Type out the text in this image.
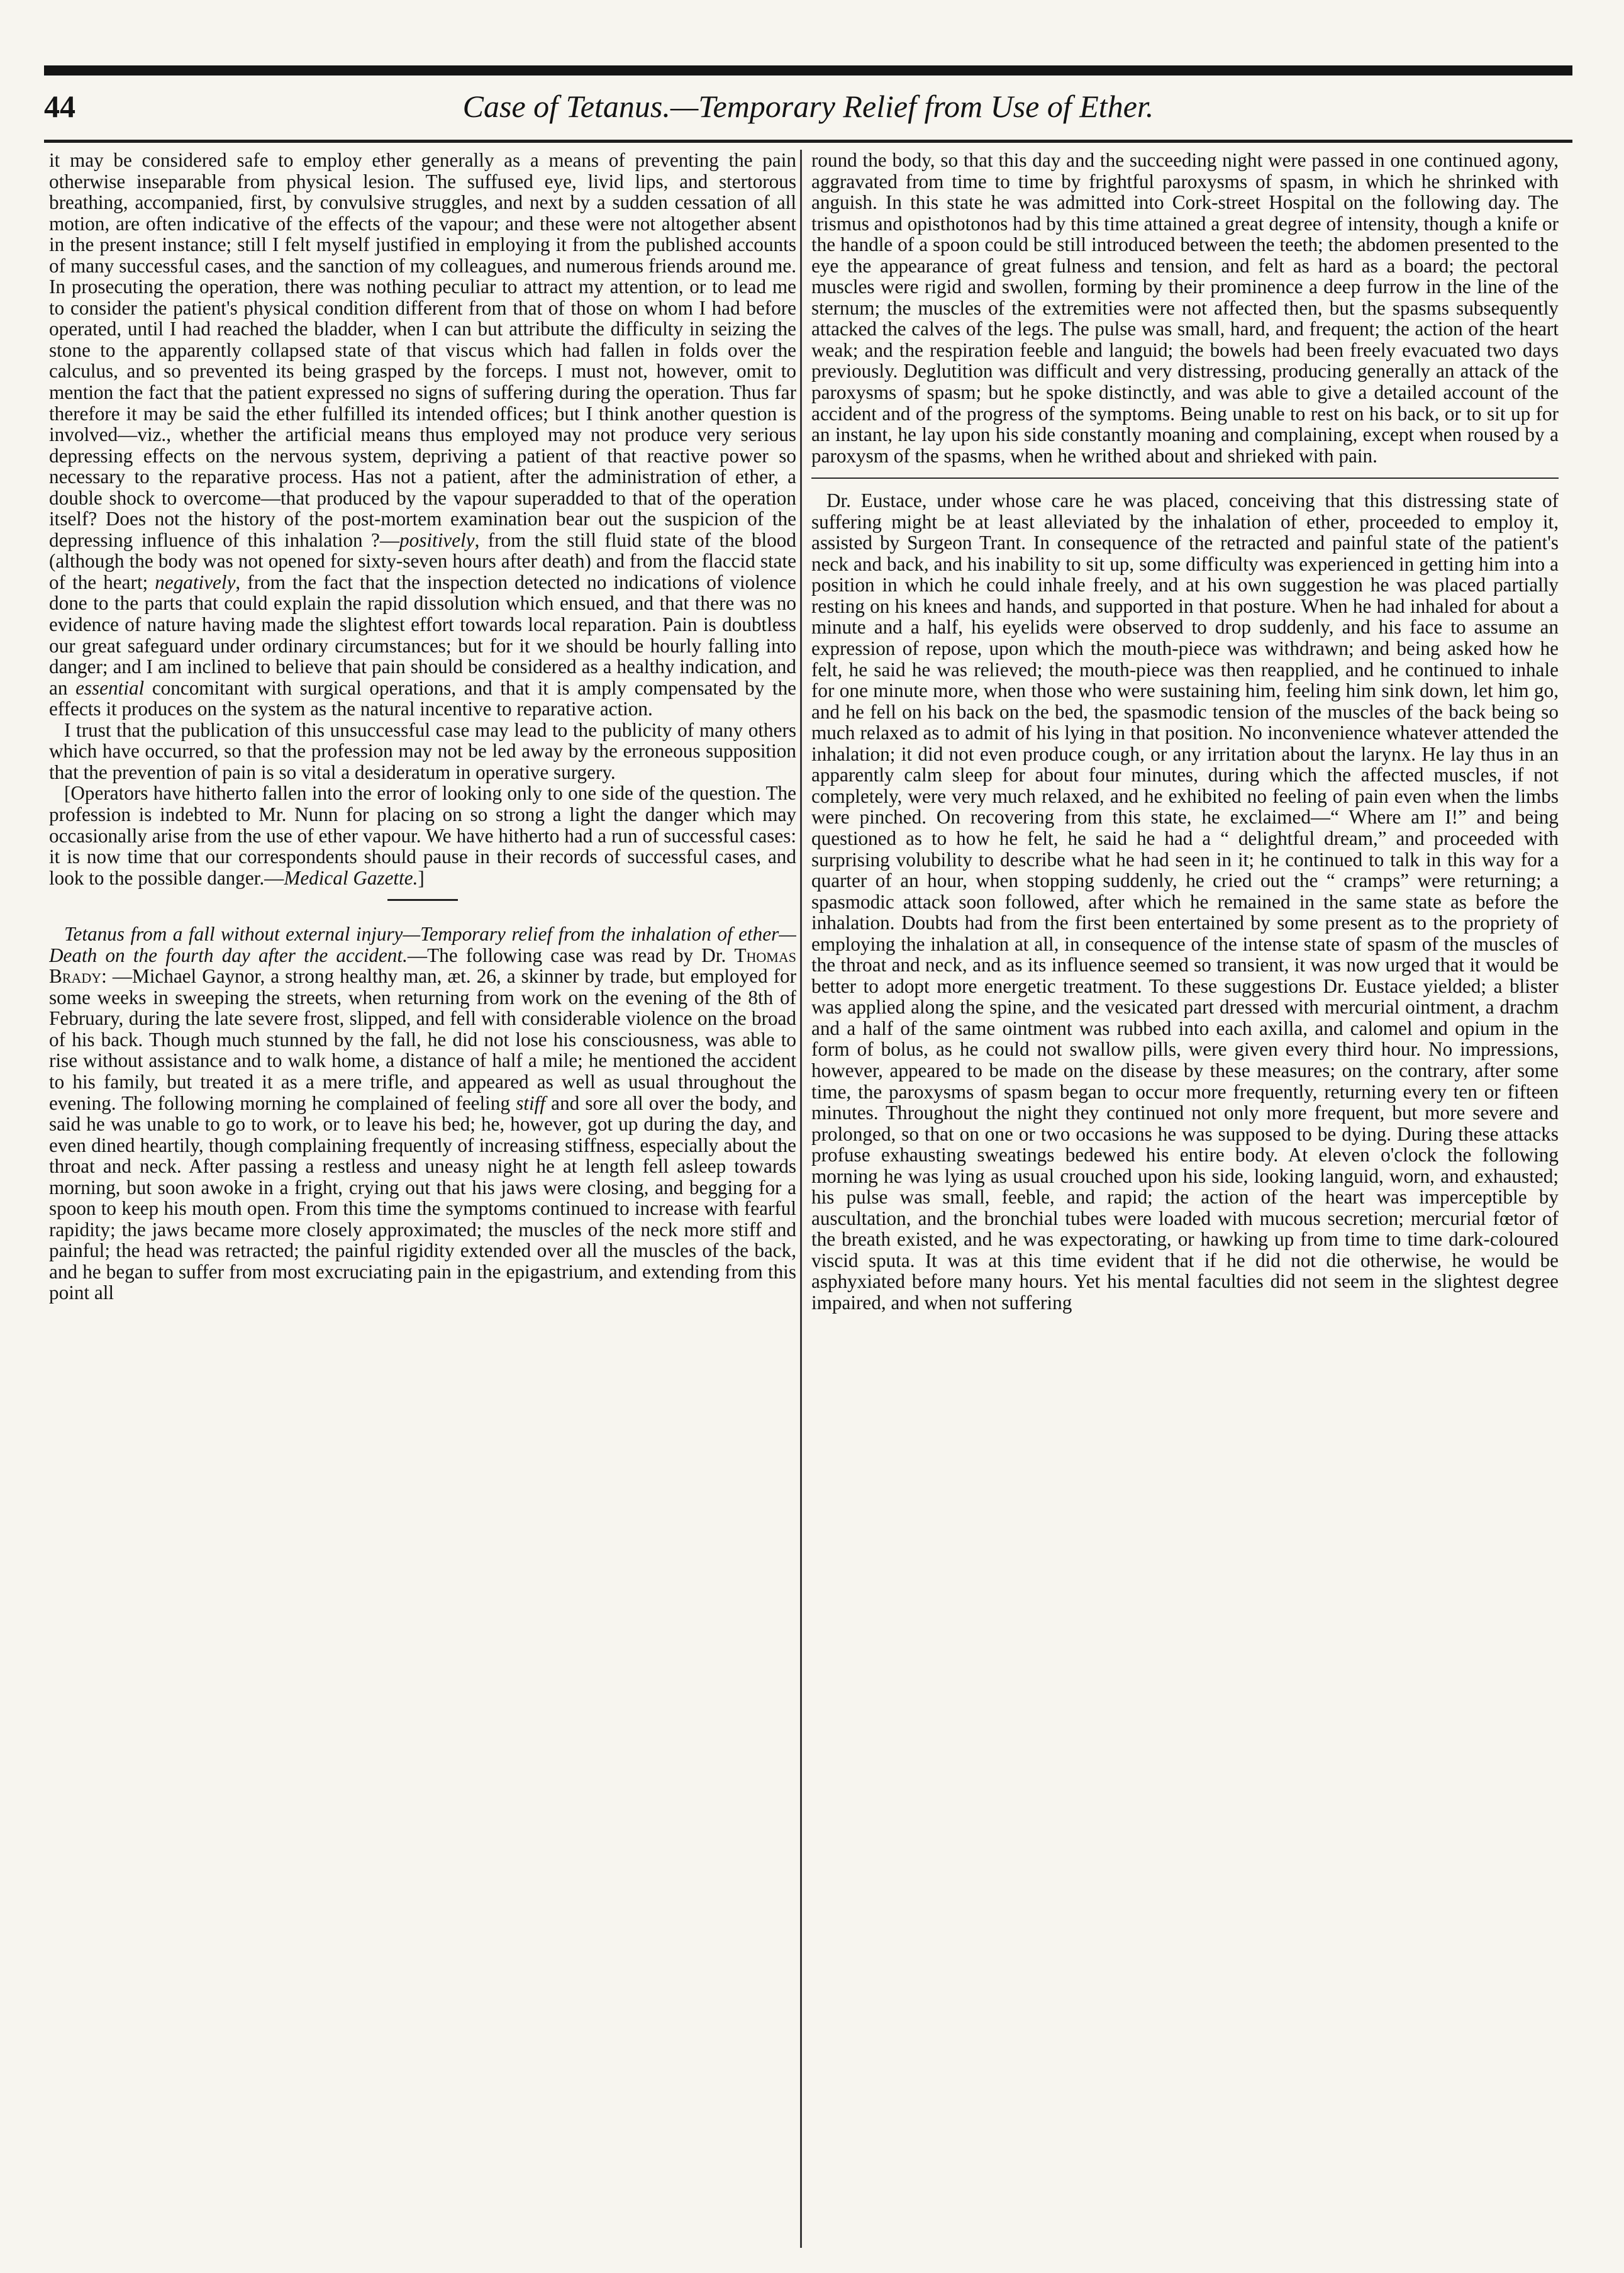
44	Case of Tetanus.—Temporary Relief from Use of Ether.

it may be considered safe to employ ether generally as a means of preventing the pain otherwise inseparable from physical lesion. The suffused eye, livid lips, and stertorous breathing, accompanied, first, by convulsive struggles, and next by a sudden cessation of all motion, are often indicative of the effects of the vapour; and these were not altogether absent in the present instance; still I felt myself justified in employing it from the published accounts of many successful cases, and the sanction of my colleagues, and numerous friends around me. In prosecuting the operation, there was nothing peculiar to attract my attention, or to lead me to consider the patient's physical condition different from that of those on whom I had before operated, until I had reached the bladder, when I can but attribute the difficulty in seizing the stone to the apparently collapsed state of that viscus which had fallen in folds over the calculus, and so prevented its being grasped by the forceps. I must not, however, omit to mention the fact that the patient expressed no signs of suffering during the operation. Thus far therefore it may be said the ether fulfilled its intended offices; but I think another question is involved—viz., whether the artificial means thus employed may not produce very serious depressing effects on the nervous system, depriving a patient of that reactive power so necessary to the reparative process. Has not a patient, after the administration of ether, a double shock to overcome—that produced by the vapour superadded to that of the operation itself? Does not the history of the post-mortem examination bear out the suspicion of the depressing influence of this inhalation ?—positively, from the still fluid state of the blood (although the body was not opened for sixty-seven hours after death) and from the flaccid state of the heart; negatively, from the fact that the inspection detected no indications of violence done to the parts that could explain the rapid dissolution which ensued, and that there was no evidence of nature having made the slightest effort towards local reparation. Pain is doubtless our great safeguard under ordinary circumstances; but for it we should be hourly falling into danger; and I am inclined to believe that pain should be considered as a healthy indication, and an essential concomitant with surgical operations, and that it is amply compensated by the effects it produces on the system as the natural incentive to reparative action.

I trust that the publication of this unsuccessful case may lead to the publicity of many others which have occurred, so that the profession may not be led away by the erroneous supposition that the prevention of pain is so vital a desideratum in operative surgery.

[Operators have hitherto fallen into the error of looking only to one side of the question. The profession is indebted to Mr. Nunn for placing on so strong a light the danger which may occasionally arise from the use of ether vapour. We have hitherto had a run of successful cases: it is now time that our correspondents should pause in their records of successful cases, and look to the possible danger.—Medical Gazette.]

Tetanus from a fall without external injury—Temporary relief from the inhalation of ether—Death on the fourth day after the accident.—The following case was read by Dr. Thomas Brady: —Michael Gaynor, a strong healthy man, æt. 26, a skinner by trade, but employed for some weeks in sweeping the streets, when returning from work on the evening of the 8th of February, during the late severe frost, slipped, and fell with considerable violence on the broad of his back. Though much stunned by the fall, he did not lose his consciousness, was able to rise without assistance and to walk home, a distance of half a mile; he mentioned the accident to his family, but treated it as a mere trifle, and appeared as well as usual throughout the evening. The following morning he complained of feeling stiff and sore all over the body, and said he was unable to go to work, or to leave his bed; he, however, got up during the day, and even dined heartily, though complaining frequently of increasing stiffness, especially about the throat and neck. After passing a restless and uneasy night he at length fell asleep towards morning, but soon awoke in a fright, crying out that his jaws were closing, and begging for a spoon to keep his mouth open. From this time the symptoms continued to increase with fearful rapidity; the jaws became more closely approximated; the muscles of the neck more stiff and painful; the head was retracted; the painful rigidity extended over all the muscles of the back, and he began to suffer from most excruciating pain in the epigastrium, and extending from this point all

round the body, so that this day and the succeeding night were passed in one continued agony, aggravated from time to time by frightful paroxysms of spasm, in which he shrinked with anguish. In this state he was admitted into Cork-street Hospital on the following day. The trismus and opisthotonos had by this time attained a great degree of intensity, though a knife or the handle of a spoon could be still introduced between the teeth; the abdomen presented to the eye the appearance of great fulness and tension, and felt as hard as a board; the pectoral muscles were rigid and swollen, forming by their prominence a deep furrow in the line of the sternum; the muscles of the extremities were not affected then, but the spasms subsequently attacked the calves of the legs. The pulse was small, hard, and frequent; the action of the heart weak; and the respiration feeble and languid; the bowels had been freely evacuated two days previously. Deglutition was difficult and very distressing, producing generally an attack of the paroxysms of spasm; but he spoke distinctly, and was able to give a detailed account of the accident and of the progress of the symptoms. Being unable to rest on his back, or to sit up for an instant, he lay upon his side constantly moaning and complaining, except when roused by a paroxysm of the spasms, when he writhed about and shrieked with pain.

Dr. Eustace, under whose care he was placed, conceiving that this distressing state of suffering might be at least alleviated by the inhalation of ether, proceeded to employ it, assisted by Surgeon Trant. In consequence of the retracted and painful state of the patient's neck and back, and his inability to sit up, some difficulty was experienced in getting him into a position in which he could inhale freely, and at his own suggestion he was placed partially resting on his knees and hands, and supported in that posture. When he had inhaled for about a minute and a half, his eyelids were observed to drop suddenly, and his face to assume an expression of repose, upon which the mouth-piece was withdrawn; and being asked how he felt, he said he was relieved; the mouth-piece was then reapplied, and he continued to inhale for one minute more, when those who were sustaining him, feeling him sink down, let him go, and he fell on his back on the bed, the spasmodic tension of the muscles of the back being so much relaxed as to admit of his lying in that position. No inconvenience whatever attended the inhalation; it did not even produce cough, or any irritation about the larynx. He lay thus in an apparently calm sleep for about four minutes, during which the affected muscles, if not completely, were very much relaxed, and he exhibited no feeling of pain even when the limbs were pinched. On recovering from this state, he exclaimed—“ Where am I!” and being questioned as to how he felt, he said he had a “ delightful dream,” and proceeded with surprising volubility to describe what he had seen in it; he continued to talk in this way for a quarter of an hour, when stopping suddenly, he cried out the “ cramps” were returning; a spasmodic attack soon followed, after which he remained in the same state as before the inhalation. Doubts had from the first been entertained by some present as to the propriety of employing the inhalation at all, in consequence of the intense state of spasm of the muscles of the throat and neck, and as its influence seemed so transient, it was now urged that it would be better to adopt more energetic treatment. To these suggestions Dr. Eustace yielded; a blister was applied along the spine, and the vesicated part dressed with mercurial ointment, a drachm and a half of the same ointment was rubbed into each axilla, and calomel and opium in the form of bolus, as he could not swallow pills, were given every third hour. No impressions, however, appeared to be made on the disease by these measures; on the contrary, after some time, the paroxysms of spasm began to occur more frequently, returning every ten or fifteen minutes. Throughout the night they continued not only more frequent, but more severe and prolonged, so that on one or two occasions he was supposed to be dying. During these attacks profuse exhausting sweatings bedewed his entire body. At eleven o'clock the following morning he was lying as usual crouched upon his side, looking languid, worn, and exhausted; his pulse was small, feeble, and rapid; the action of the heart was imperceptible by auscultation, and the bronchial tubes were loaded with mucous secretion; mercurial fœtor of the breath existed, and he was expectorating, or hawking up from time to time dark-coloured viscid sputa. It was at this time evident that if he did not die otherwise, he would be asphyxiated before many hours. Yet his mental faculties did not seem in the slightest degree impaired, and when not suffering
